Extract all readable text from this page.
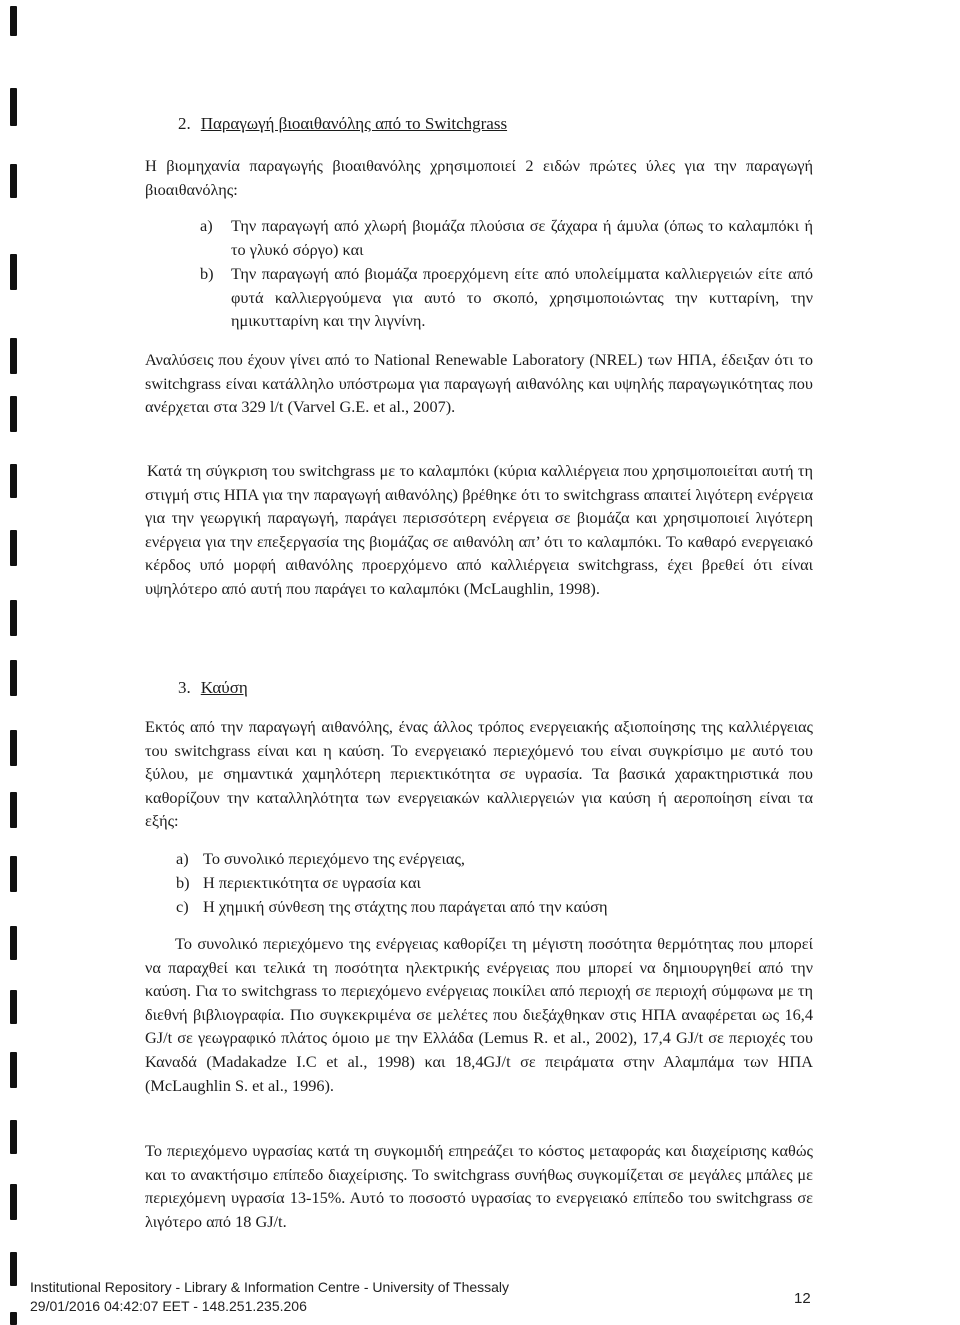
2. Παραγωγή βιοαιθανόλης από το Switchgrass

Η βιομηχανία παραγωγής βιοαιθανόλης χρησιμοποιεί 2 ειδών πρώτες ύλες για την παραγωγή βιοαιθανόλης:

a) Την παραγωγή από χλωρή βιομάζα πλούσια σε ζάχαρα ή άμυλα (όπως το καλαμπόκι ή το γλυκό σόργο) και
b) Την παραγωγή από βιομάζα προερχόμενη είτε από υπολείμματα καλλιεργειών είτε από φυτά καλλιεργούμενα για αυτό το σκοπό, χρησιμοποιώντας την κυτταρίνη, την ημικυτταρίνη και την λιγνίνη.

Αναλύσεις που έχουν γίνει από το National Renewable Laboratory (NREL) των ΗΠΑ, έδειξαν ότι το switchgrass είναι κατάλληλο υπόστρωμα για παραγωγή αιθανόλης και υψηλής παραγωγικότητας που ανέρχεται στα 329 l/t (Varvel G.E. et al., 2007).

Κατά τη σύγκριση του switchgrass με το καλαμπόκι (κύρια καλλιέργεια που χρησιμοποιείται αυτή τη στιγμή στις ΗΠΑ για την παραγωγή αιθανόλης) βρέθηκε ότι το switchgrass απαιτεί λιγότερη ενέργεια για την γεωργική παραγωγή, παράγει περισσότερη ενέργεια σε βιομάζα και χρησιμοποιεί λιγότερη ενέργεια για την επεξεργασία της βιομάζας σε αιθανόλη απ’ ότι το καλαμπόκι. Το καθαρό ενεργειακό κέρδος υπό μορφή αιθανόλης προερχόμενο από καλλιέργεια switchgrass, έχει βρεθεί ότι είναι υψηλότερο από αυτή που παράγει το καλαμπόκι (McLaughlin, 1998).

3. Καύση

Εκτός από την παραγωγή αιθανόλης, ένας άλλος τρόπος ενεργειακής αξιοποίησης της καλλιέργειας του switchgrass είναι και η καύση. Το ενεργειακό περιεχόμενό του είναι συγκρίσιμο με αυτό του ξύλου, με σημαντικά χαμηλότερη περιεκτικότητα σε υγρασία. Τα βασικά χαρακτηριστικά που καθορίζουν την καταλληλότητα των ενεργειακών καλλιεργειών για καύση ή αεροποίηση είναι τα εξής:

a) Το συνολικό περιεχόμενο της ενέργειας,
b) Η περιεκτικότητα σε υγρασία και
c) Η χημική σύνθεση της στάχτης που παράγεται από την καύση

Το συνολικό περιεχόμενο της ενέργειας καθορίζει τη μέγιστη ποσότητα θερμότητας που μπορεί να παραχθεί και τελικά τη ποσότητα ηλεκτρικής ενέργειας που μπορεί να δημιουργηθεί από την καύση. Για το switchgrass το περιεχόμενο ενέργειας ποικίλει από περιοχή σε περιοχή σύμφωνα με τη διεθνή βιβλιογραφία. Πιο συγκεκριμένα σε μελέτες που διεξάχθηκαν στις ΗΠΑ αναφέρεται ως 16,4 GJ/t σε γεωγραφικό πλάτος όμοιο με την Ελλάδα (Lemus R. et al., 2002), 17,4 GJ/t σε περιοχές του Καναδά (Madakadze I.C et al., 1998) και 18,4GJ/t σε πειράματα στην Αλαμπάμα των ΗΠΑ (McLaughlin S. et al., 1996).

Το περιεχόμενο υγρασίας κατά τη συγκομιδή επηρεάζει το κόστος μεταφοράς και διαχείρισης καθώς και το ανακτήσιμο επίπεδο διαχείρισης. Το switchgrass συνήθως συγκομίζεται σε μεγάλες μπάλες με περιεχόμενη υγρασία 13-15%. Αυτό το ποσοστό υγρασίας το ενεργειακό επίπεδο του switchgrass σε λιγότερο από 18 GJ/t.

Institutional Repository - Library & Information Centre - University of Thessaly
29/01/2016 04:42:07 EET - 148.251.235.206	12
